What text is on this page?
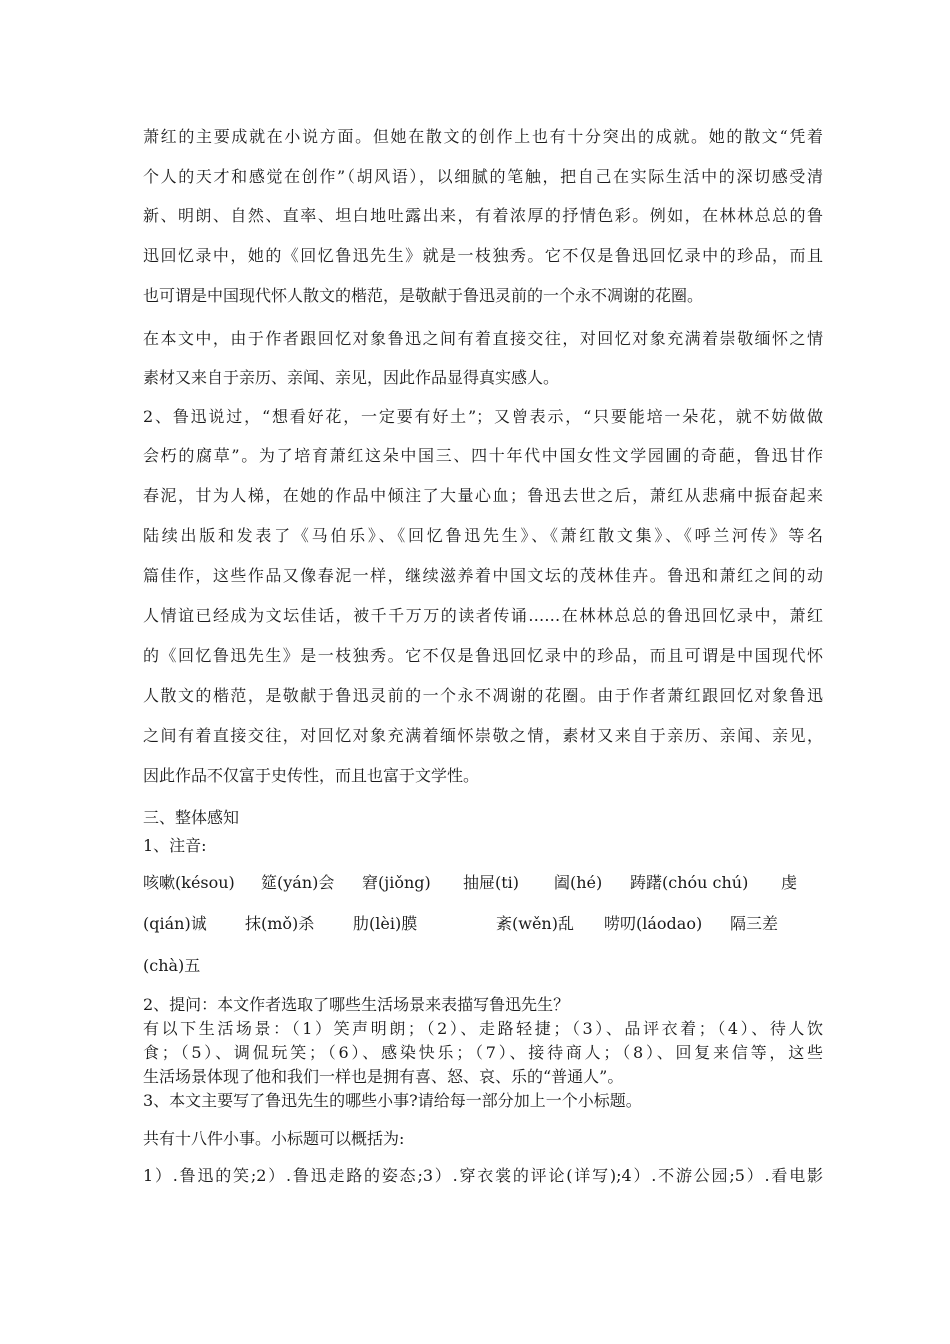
萧红的主要成就在小说方面。但她在散文的创作上也有十分突出的成就。她的散文“凭着
个人的天才和感觉在创作”（胡风语），以细腻的笔触，把自己在实际生活中的深切感受清
新、明朗、自然、直率、坦白地吐露出来，有着浓厚的抒情色彩。例如，在林林总总的鲁
迅回忆录中，她的《回忆鲁迅先生》就是一枝独秀。它不仅是鲁迅回忆录中的珍品，而且
也可谓是中国现代怀人散文的楷范，是敬献于鲁迅灵前的一个永不凋谢的花圈。
在本文中，由于作者跟回忆对象鲁迅之间有着直接交往，对回忆对象充满着崇敬缅怀之情
素材又来自于亲历、亲闻、亲见，因此作品显得真实感人。
2、鲁迅说过，“想看好花，一定要有好土”；又曾表示，“只要能培一朵花，就不妨做做
会朽的腐草”。为了培育萧红这朵中国三、四十年代中国女性文学园圃的奇葩，鲁迅甘作
春泥，甘为人梯，在她的作品中倾注了大量心血；鲁迅去世之后，萧红从悲痛中振奋起来
陆续出版和发表了《马伯乐》、《回忆鲁迅先生》、《萧红散文集》、《呼兰河传》等名
篇佳作，这些作品又像春泥一样，继续滋养着中国文坛的茂林佳卉。鲁迅和萧红之间的动
人情谊已经成为文坛佳话，被千千万万的读者传诵……在林林总总的鲁迅回忆录中，萧红
的《回忆鲁迅先生》是一枝独秀。它不仅是鲁迅回忆录中的珍品，而且可谓是中国现代怀
人散文的楷范，是敬献于鲁迅灵前的一个永不凋谢的花圈。由于作者萧红跟回忆对象鲁迅
之间有着直接交往，对回忆对象充满着缅怀崇敬之情，素材又来自于亲历、亲闻、亲见，
因此作品不仅富于史传性，而且也富于文学性。
三、整体感知
1、注音:
咳嗽(késou) 筵(yán)会 窘(jiǒng) 抽屉(ti) 阖(hé) 踌躇(chóu chú) 虔
(qián)诚 抹(mǒ)杀 肋(lèi)膜	紊(wěn)乱 唠叨(láodao) 隔三差
(chà)五
2、提问：本文作者选取了哪些生活场景来表描写鲁迅先生？
有以下生活场景：（1）笑声明朗；（2）、走路轻捷；（3）、品评衣着；（4）、待人饮
食；（5）、调侃玩笑；（6）、感染快乐；（7）、接待商人；（8）、回复来信等，这些
生活场景体现了他和我们一样也是拥有喜、怒、哀、乐的“普通人”。
3、本文主要写了鲁迅先生的哪些小事?请给每一部分加上一个小标题。
共有十八件小事。小标题可以概括为:
1）.鲁迅的笑;2）.鲁迅走路的姿态;3）.穿衣裳的评论(详写);4）.不游公园;5）.看电影
